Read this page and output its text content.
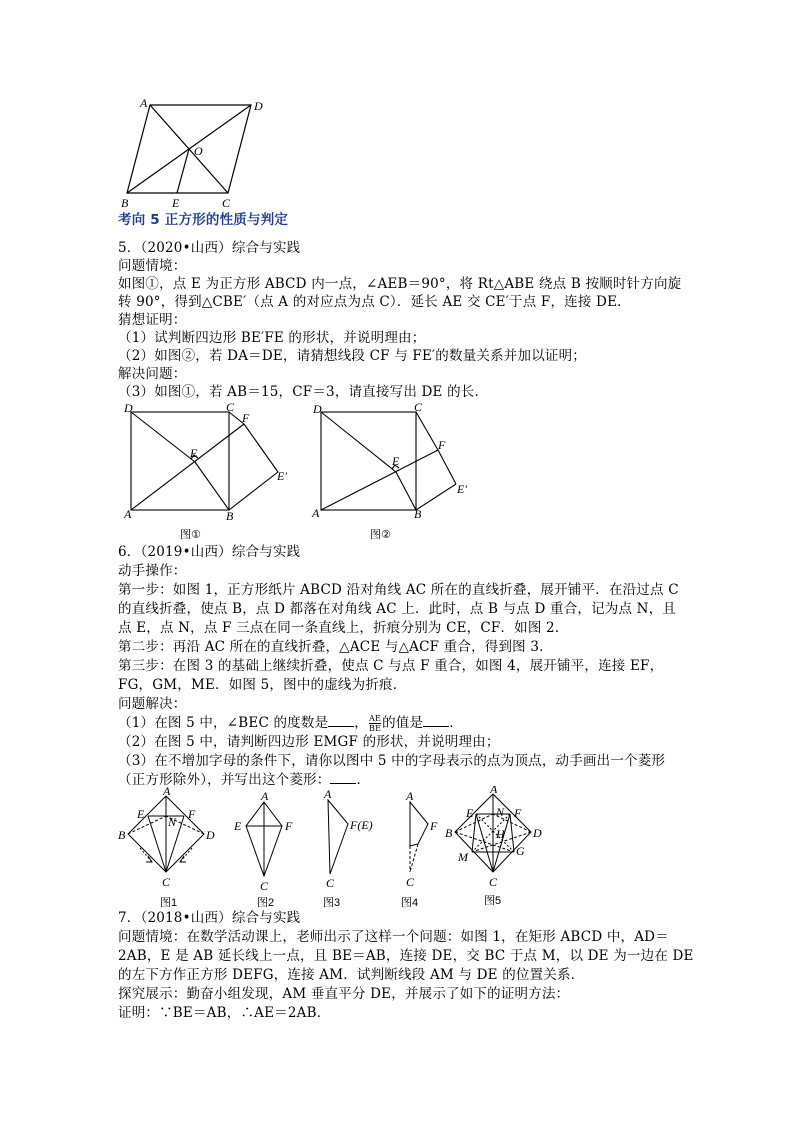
A	D
O
B	E	C
考向 5 正方形的性质与判定
5．（2020•山西）综合与实践
问题情境：
如图①，点 E 为正方形 ABCD 内一点，∠AEB＝90°，将 Rt△ABE 绕点 B 按顺时针方向旋
转 90°，得到△CBE′（点 A 的对应点为点 C）．延长 AE 交 CE′于点 F，连接 DE．
猜想证明：
（1）试判断四边形 BE′FE 的形状，并说明理由；
（2）如图②，若 DA＝DE，请猜想线段 CF 与 FE′的数量关系并加以证明；
解决问题：
（3）如图①，若 AB＝15，CF＝3，请直接写出 DE 的长．
D	C
F
E
E'
A	B
图①
D	C
F
E
E'
A	B
图②
6．（2019•山西）综合与实践
动手操作：
第一步：如图 1，正方形纸片 ABCD 沿对角线 AC 所在的直线折叠，展开铺平．在沿过点 C
的直线折叠，使点 B，点 D 都落在对角线 AC 上．此时，点 B 与点 D 重合，记为点 N，且
点 E，点 N，点 F 三点在同一条直线上，折痕分别为 CE，CF．如图 2．
第二步：再沿 AC 所在的直线折叠，△ACE 与△ACF 重合，得到图 3．
第三步：在图 3 的基础上继续折叠，使点 C 与点 F 重合，如图 4，展开铺平，连接 EF，
FG，GM，ME．如图 5，图中的虚线为折痕．
问题解决：
（1）在图 5 中，∠BEC 的度数是 ， $\frac{AE}{BE}$ 的值是 ．
（2）在图 5 中，请判断四边形 EMGF 的形状，并说明理由；
（3）在不增加字母的条件下，请你以图中 5 中的字母表示的点为顶点，动手画出一个菱形
（正方形除外），并写出这个菱形： ．
A
E
N
F
B	D
C
图1
A
E	F
C
图2
A
F(E)
C
图3
A
F
C
图4
A
E N F
B	H D
M	G
C
图5
7．（2018•山西）综合与实践
问题情境：在数学活动课上，老师出示了这样一个问题：如图 1，在矩形 ABCD 中，AD＝
2AB，E 是 AB 延长线上一点，且 BE＝AB，连接 DE，交 BC 于点 M，以 DE 为一边在 DE
的左下方作正方形 DEFG，连接 AM．试判断线段 AM 与 DE 的位置关系．
探究展示：勤奋小组发现，AM 垂直平分 DE，并展示了如下的证明方法：
证明：∵BE＝AB，∴AE＝2AB．
